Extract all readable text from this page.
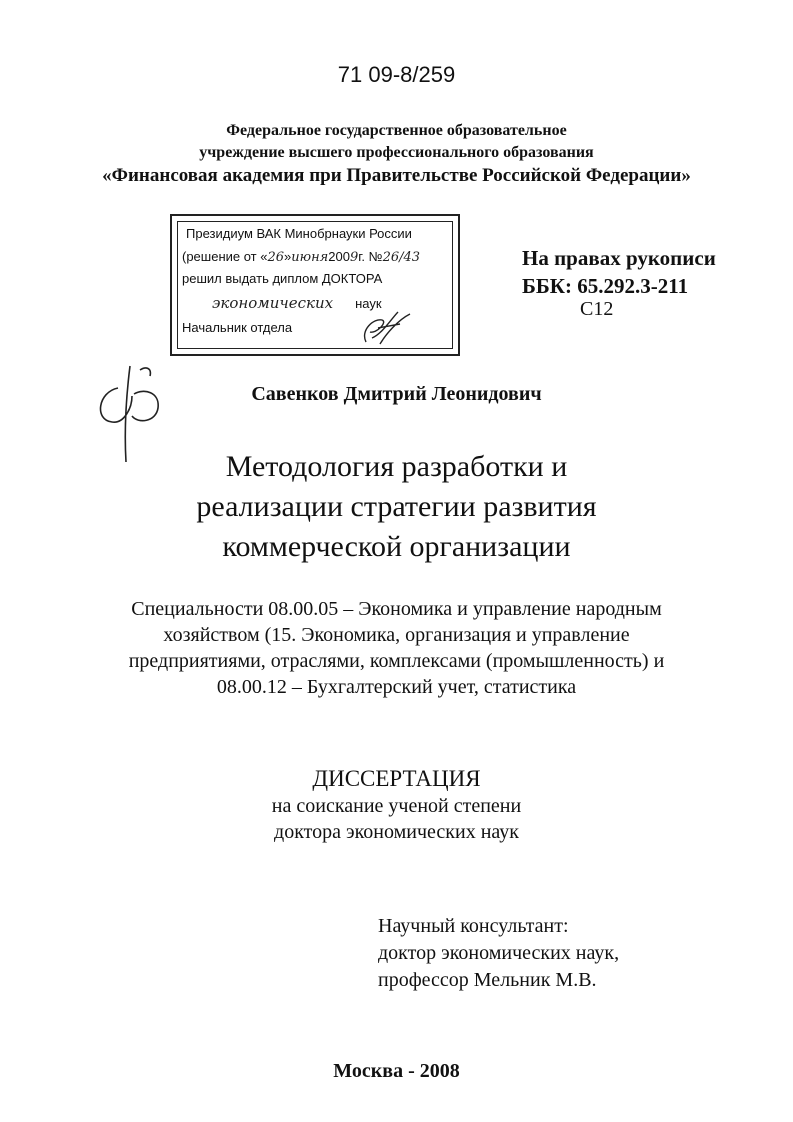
71 09-8/259
Федеральное государственное образовательное
учреждение высшего профессионального образования
«Финансовая академия при Правительстве Российской Федерации»
Президиум ВАК Минобрнауки России
(решение от «26»июня2009г. №26/43
решил выдать диплом ДОКТОРА
экономических наук
Начальник отдела
На правах рукописи
ББК: 65.292.3-211
С12
Савенков Дмитрий Леонидович
Методология разработки и
реализации стратегии развития
коммерческой организации
Специальности 08.00.05 – Экономика и управление народным
хозяйством (15. Экономика, организация и управление
предприятиями, отраслями, комплексами (промышленность) и
08.00.12 – Бухгалтерский учет, статистика
ДИССЕРТАЦИЯ
на соискание ученой степени
доктора экономических наук
Научный консультант:
доктор экономических наук,
профессор Мельник М.В.
Москва - 2008
